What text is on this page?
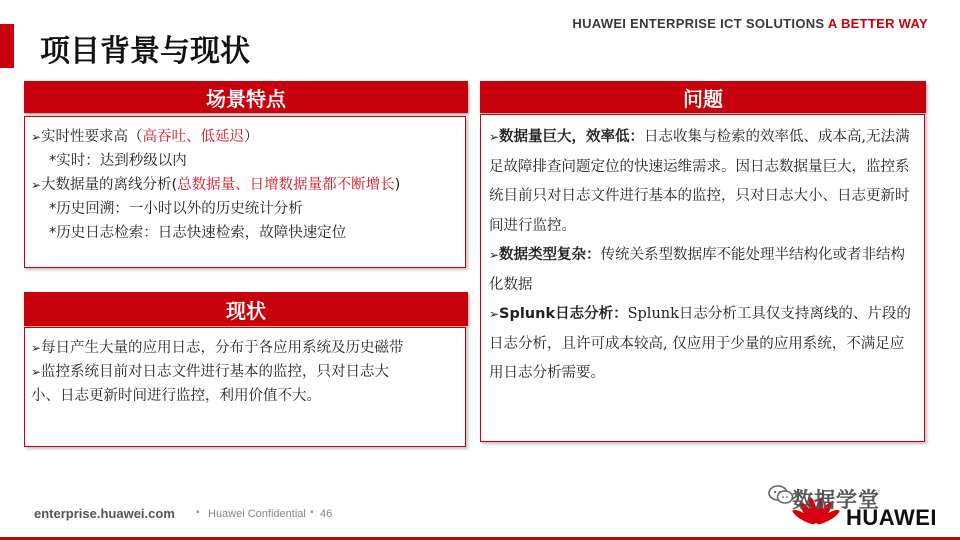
HUAWEI ENTERPRISE ICT SOLUTIONS A BETTER WAY
项目背景与现状
场景特点
➢实时性要求高（高吞吐、低延迟）
*实时：达到秒级以内
➢大数据量的离线分析(总数据量、日增数据量都不断增长)
*历史回溯：一小时以外的历史统计分析
*历史日志检索：日志快速检索，故障快速定位
现状
➢每日产生大量的应用日志，分布于各应用系统及历史磁带
➢监控系统目前对日志文件进行基本的监控，只对日志大
小、日志更新时间进行监控，利用价值不大。
问题
➢数据量巨大，效率低：日志收集与检索的效率低、成本高,无法满足故障排查问题定位的快速运维需求。因日志数据量巨大，监控系统目前只对日志文件进行基本的监控，只对日志大小、日志更新时间进行监控。
➢数据类型复杂：传统关系型数据库不能处理半结构化或者非结构化数据
➢Splunk日志分析：Splunk日志分析工具仅支持离线的、片段的日志分析，且许可成本较高, 仅应用于少量的应用系统，不满足应用日志分析需要。
enterprise.huawei.com ▪ Huawei Confidential ▪ 46	HUAWEI
数据学堂
